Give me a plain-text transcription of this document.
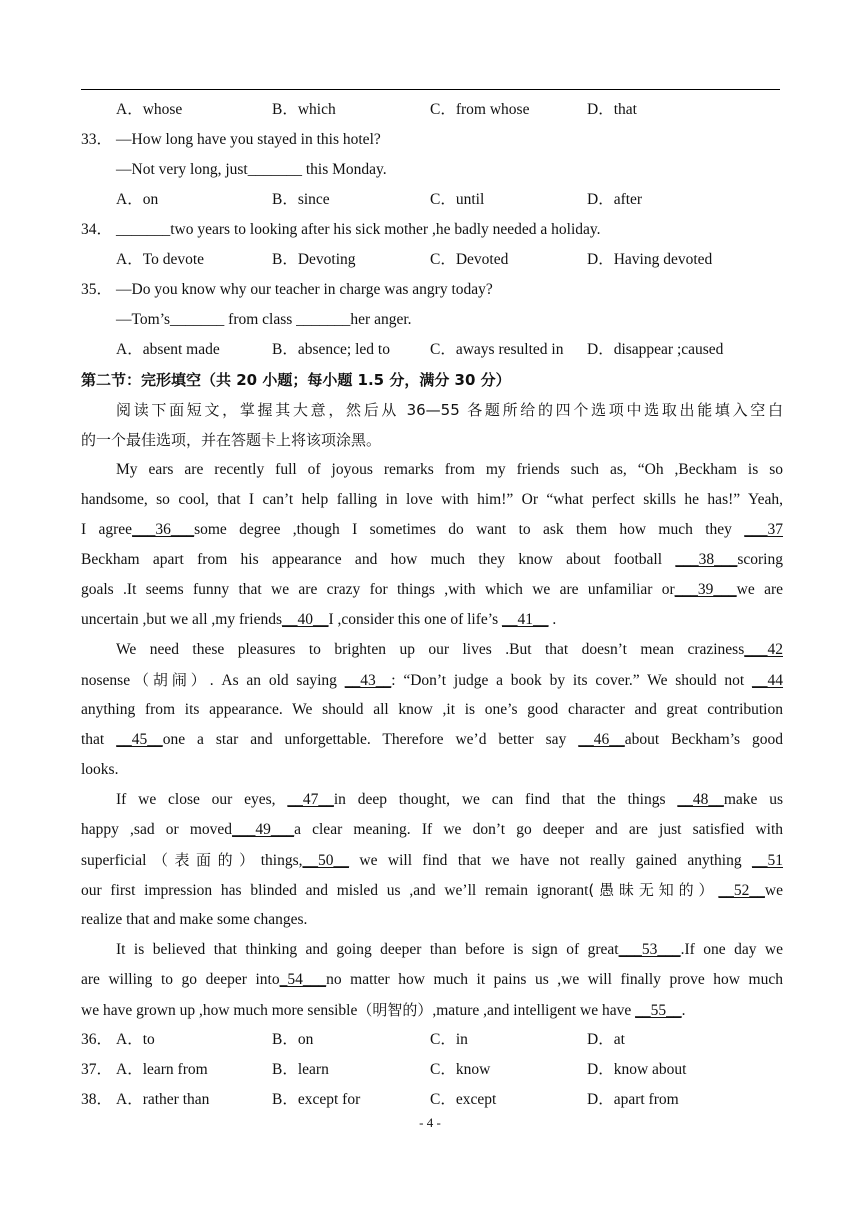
A．whose	B．which	C．from whose	D．that
33． —How long have you stayed in this hotel?
—Not very long, just_______ this Monday.
A．on	B．since	C．until	D．after
34． _______two years to looking after his sick mother ,he badly needed a holiday.
A．To devote	B．Devoting	C．Devoted	D．Having devoted
35． —Do you know why our teacher in charge was angry today?
—Tom’s_______ from class _______her anger.
A．absent made	B．absence; led to	C．aways resulted in D．disappear ;caused
第二节：完形填空（共 20 小题；每小题 1.5 分，满分 30 分）
阅读下面短文，掌握其大意，然后从 36—55 各题所给的四个选项中选取出能填入空白
的一个最佳选项，并在答题卡上将该项涂黑。
My ears are recently full of joyous remarks from my friends such as, “Oh ,Beckham is so
handsome, so cool, that I can’t help falling in love with him!” Or “what perfect skills he has!” Yeah,
I agree___36___some degree ,though I sometimes do want to ask them how much they ___37
Beckham apart from his appearance and how much they know about football ___38___scoring
goals .It seems funny that we are crazy for things ,with which we are unfamiliar or___39___we are
uncertain ,but we all ,my friends__40__I ,consider this one of life’s __41__ .
We need these pleasures to brighten up our lives .But that doesn’t mean craziness___42
nosense（胡闹）. As an old saying __43__: “Don’t judge a book by its cover.” We should not __44
anything from its appearance. We should all know ,it is one’s good character and great contribution
that __45__one a star and unforgettable. Therefore we’d better say __46__about Beckham’s good
looks.
If we close our eyes, __47__in deep thought, we can find that the things __48__make us
happy ,sad or moved___49___a clear meaning. If we don’t go deeper and are just satisfied with
superficial（表面的）things,__50__ we will find that we have not really gained anything __51
our first impression has blinded and misled us ,and we’ll remain ignorant(愚昧无知的）__52__we
realize that and make some changes.
It is believed that thinking and going deeper than before is sign of great___53___.If one day we
are willing to go deeper into_54___no matter how much it pains us ,we will finally prove how much
we have grown up ,how much more sensible（明智的）,mature ,and intelligent we have __55__.
36． A．to	B．on	C．in	D．at
37． A．learn from	B．learn	C．know	D．know about
38． A．rather than	B．except for	C．except	D．apart from
- 4 -
